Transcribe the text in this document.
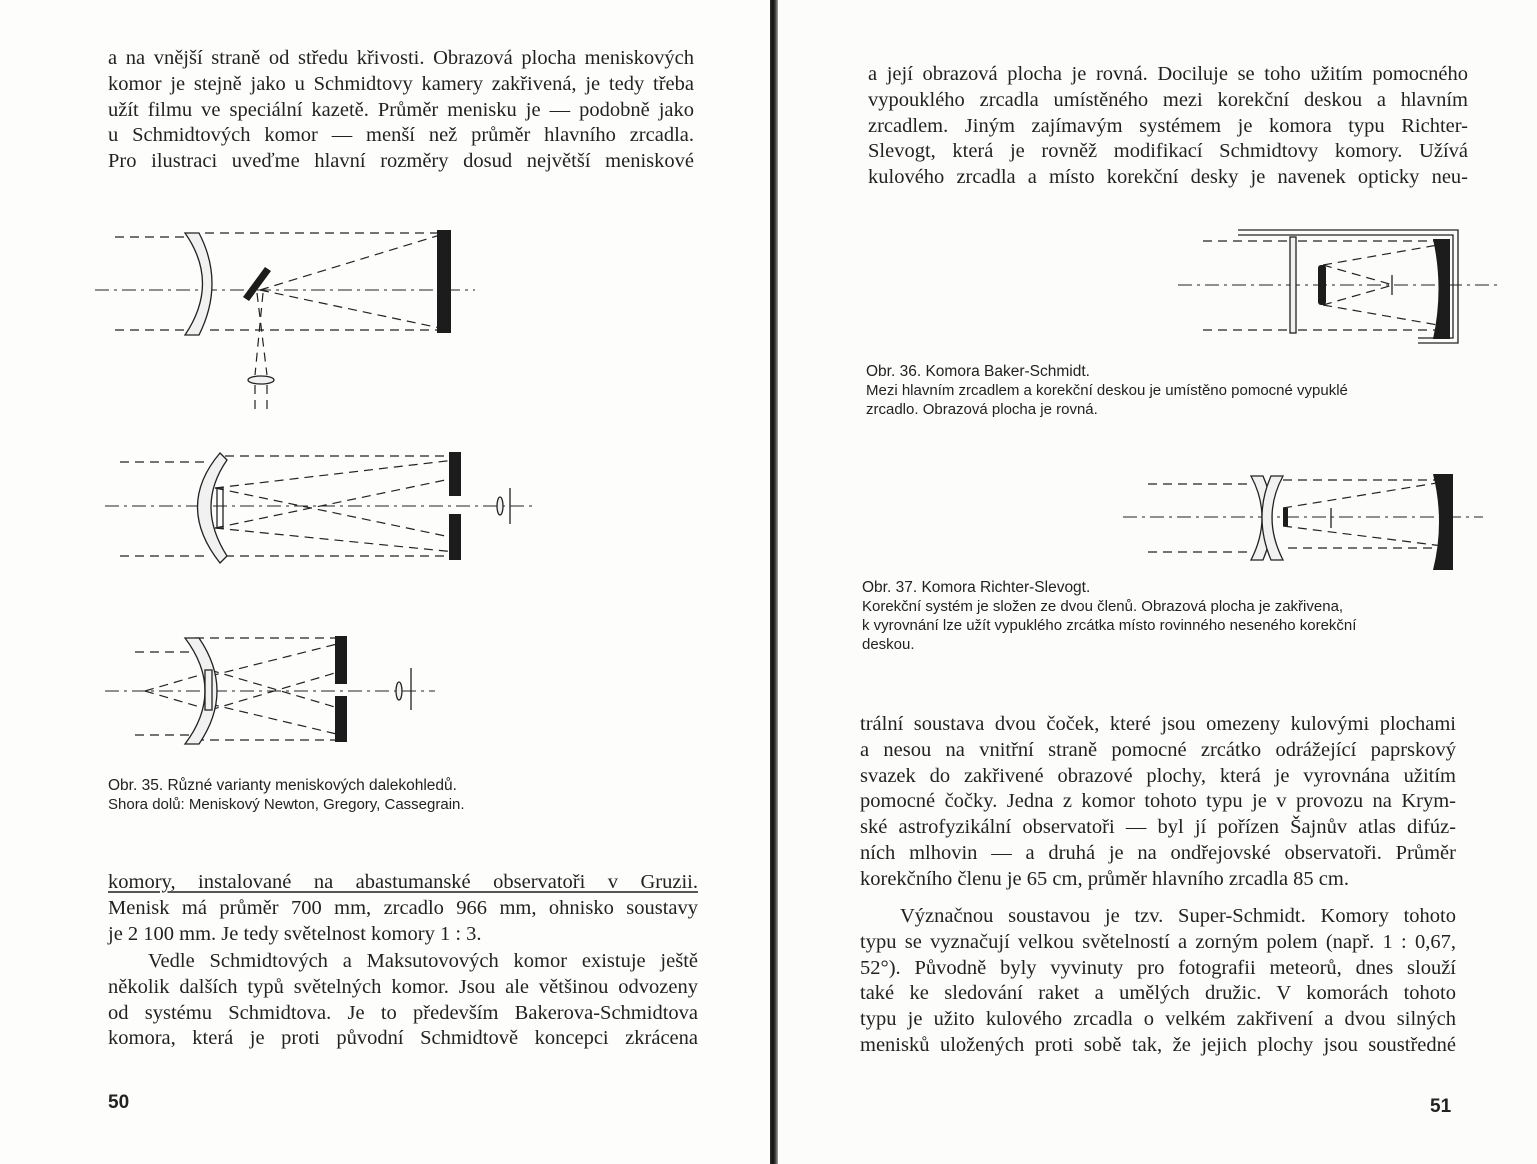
a na vnější straně od středu křivosti. Obrazová plocha meniskových
komor je stejně jako u Schmidtovy kamery zakřivená, je tedy třeba
užít filmu ve speciální kazetě. Průměr menisku je — podobně jako
u Schmidtových komor — menší než průměr hlavního zrcadla.
Pro ilustraci uveďme hlavní rozměry dosud největší meniskové
Obr. 35. Různé varianty meniskových dalekohledů.
Shora dolů: Meniskový Newton, Gregory, Cassegrain.
komory, instalované na abastumanské observatoři v Gruzii.
Menisk má průměr 700 mm, zrcadlo 966 mm, ohnisko soustavy
je 2 100 mm. Je tedy světelnost komory 1 : 3.
Vedle Schmidtových a Maksutovových komor existuje ještě
několik dalších typů světelných komor. Jsou ale většinou odvozeny
od systému Schmidtova. Je to především Bakerova-Schmidtova
komora, která je proti původní Schmidtově koncepci zkrácena
50
a její obrazová plocha je rovná. Dociluje se toho užitím pomocného
vypouklého zrcadla umístěného mezi korekční deskou a hlavním
zrcadlem. Jiným zajímavým systémem je komora typu Richter-
Slevogt, která je rovněž modifikací Schmidtovy komory. Užívá
kulového zrcadla a místo korekční desky je navenek opticky neu-
Obr. 36. Komora Baker-Schmidt.
Mezi hlavním zrcadlem a korekční deskou je umístěno pomocné vypuklé
zrcadlo. Obrazová plocha je rovná.
Obr. 37. Komora Richter-Slevogt.
Korekční systém je složen ze dvou členů. Obrazová plocha je zakřivena,
k vyrovnání lze užít vypuklého zrcátka místo rovinného neseného korekční
deskou.
trální soustava dvou čoček, které jsou omezeny kulovými plochami
a nesou na vnitřní straně pomocné zrcátko odrážející paprskový
svazek do zakřivené obrazové plochy, která je vyrovnána užitím
pomocné čočky. Jedna z komor tohoto typu je v provozu na Krym-
ské astrofyzikální observatoři — byl jí pořízen Šajnův atlas difúz-
ních mlhovin — a druhá je na ondřejovské observatoři. Průměr
korekčního členu je 65 cm, průměr hlavního zrcadla 85 cm.
Význačnou soustavou je tzv. Super-Schmidt. Komory tohoto
typu se vyznačují velkou světelností a zorným polem (např. 1 : 0,67,
52°). Původně byly vyvinuty pro fotografii meteorů, dnes slouží
také ke sledování raket a umělých družic. V komorách tohoto
typu je užito kulového zrcadla o velkém zakřivení a dvou silných
menisků uložených proti sobě tak, že jejich plochy jsou soustředné
51
